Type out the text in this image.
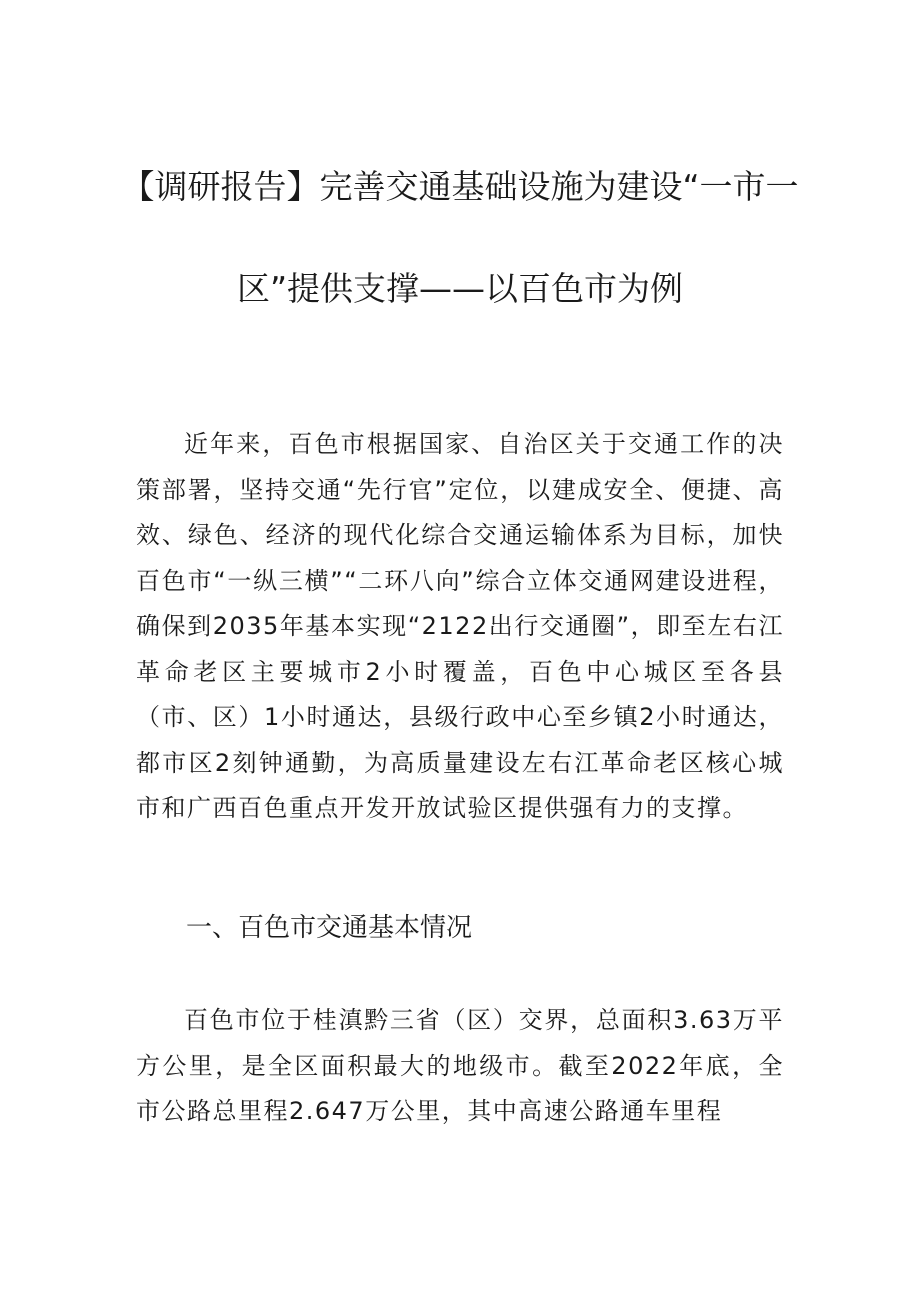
【调研报告】完善交通基础设施为建设“一市一区”提供支撑——以百色市为例

近年来，百色市根据国家、自治区关于交通工作的决策部署，坚持交通“先行官”定位，以建成安全、便捷、高效、绿色、经济的现代化综合交通运输体系为目标，加快百色市“一纵三横”“二环八向”综合立体交通网建设进程，确保到2035年基本实现“2122出行交通圈”，即至左右江革命老区主要城市2小时覆盖，百色中心城区至各县（市、区）1小时通达，县级行政中心至乡镇2小时通达，都市区2刻钟通勤，为高质量建设左右江革命老区核心城市和广西百色重点开发开放试验区提供强有力的支撑。

一、百色市交通基本情况

百色市位于桂滇黔三省（区）交界，总面积3.63万平方公里，是全区面积最大的地级市。截至2022年底，全市公路总里程2.647万公里，其中高速公路通车里程
